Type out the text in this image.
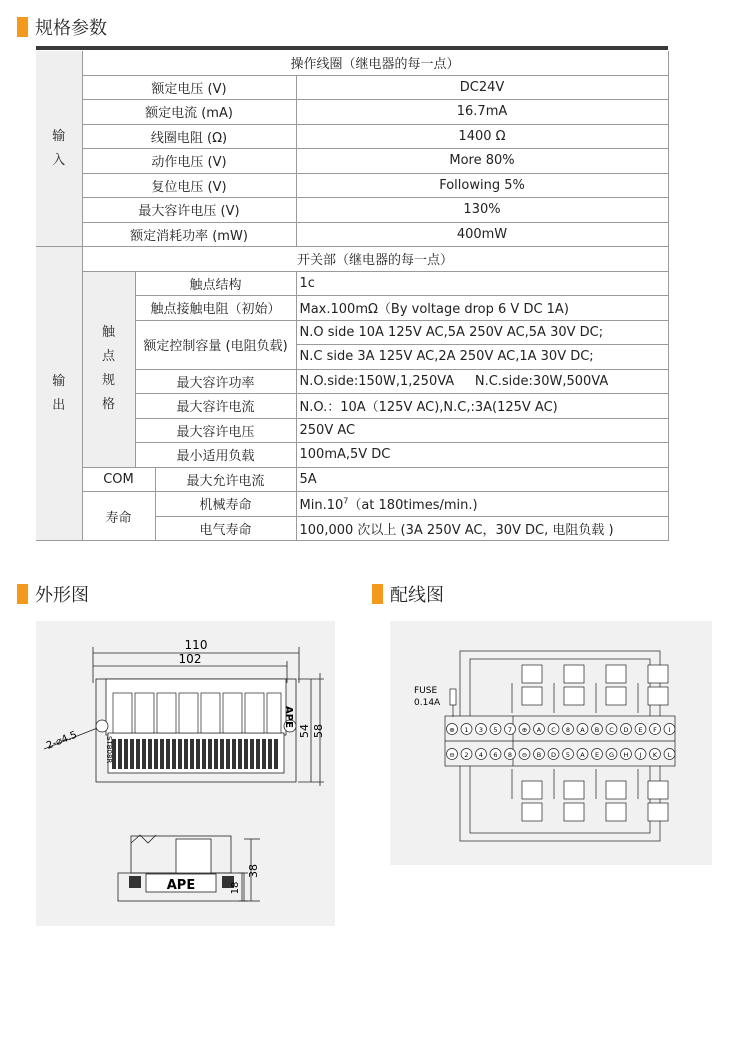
规格参数
输
入	操作线圈（继电器的每一点）			
	额定电压 (V)			DC24V
	额定电流 (mA)			16.7mA
	线圈电阻 (Ω)			1400 Ω
	动作电压 (V)			More 80%
	复位电压 (V)			Following 5%
	最大容许电压 (V)			130%
	额定消耗功率 (mW)			400mW
输
出	开关部（继电器的每一点）			
	触
点
规
格	触点结构		1c
		触点接触电阻（初始）		Max.100mΩ（By voltage drop 6 V DC 1A)
		额定控制容量 (电阻负载)		N.O side 10A 125V AC,5A 250V AC,5A 30V DC;
				N.C side 3A 125V AC,2A 250V AC,1A 30V DC;
		最大容许功率		N.O.side:150W,1,250VA     N.C.side:30W,500VA
		最大容许电流		N.O.：10A（125V AC),N.C,:3A(125V AC)
		最大容许电压		250V AC
		最小适用负载		100mA,5V DC
	COM		最大允许电流	5A
	寿命		机械寿命	$Min.10^7(at$ 180times/min.)
			电气寿命	100,000 次以上 (3A 250V AC，30V DC, 电阻负载 )
外形图
110
102
54 58
2-⌀4.5
APE
STB08R
APE
38
18
配线图
⊕ 1 3 5 7 ⊕ A C 8 A B C D E F I
⊖ 2 4 6 8 ⊖ B D 5 A E G H J K L
FUSE
0.14A
